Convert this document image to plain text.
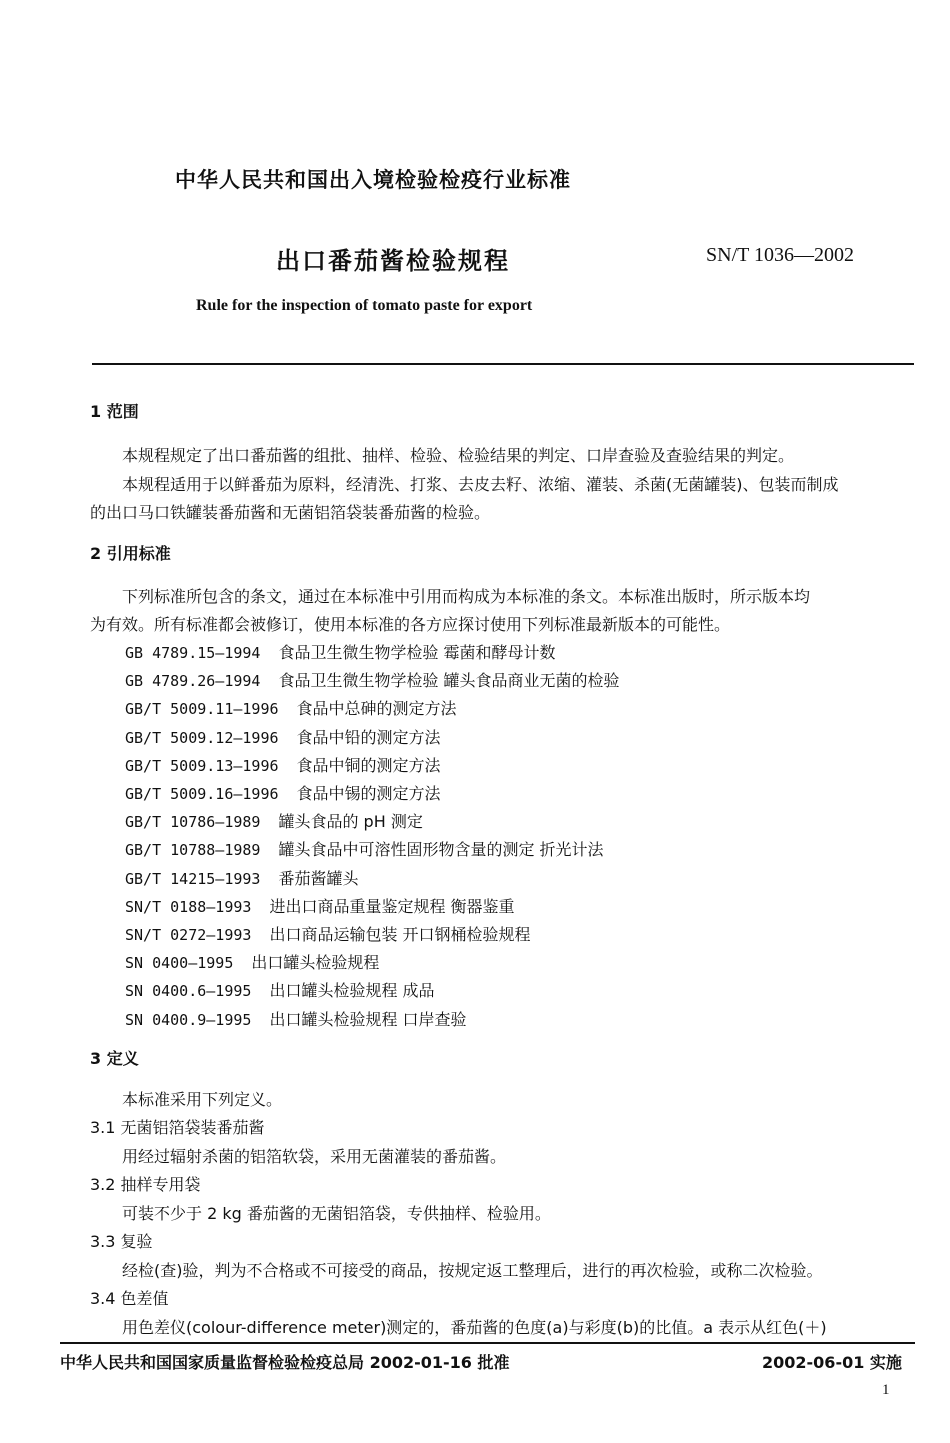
中华人民共和国出入境检验检疫行业标准
出口番茄酱检验规程	SN/T 1036—2002
Rule for the inspection of tomato paste for export
1 范围
本规程规定了出口番茄酱的组批、抽样、检验、检验结果的判定、口岸查验及查验结果的判定。
本规程适用于以鲜番茄为原料，经清洗、打浆、去皮去籽、浓缩、灌装、杀菌(无菌罐装)、包装而制成
的出口马口铁罐装番茄酱和无菌铝箔袋装番茄酱的检验。
2 引用标准
下列标准所包含的条文，通过在本标准中引用而构成为本标准的条文。本标准出版时，所示版本均
为有效。所有标准都会被修订，使用本标准的各方应探讨使用下列标准最新版本的可能性。
GB 4789.15—1994 食品卫生微生物学检验 霉菌和酵母计数
GB 4789.26—1994 食品卫生微生物学检验 罐头食品商业无菌的检验
GB/T 5009.11—1996 食品中总砷的测定方法
GB/T 5009.12—1996 食品中铅的测定方法
GB/T 5009.13—1996 食品中铜的测定方法
GB/T 5009.16—1996 食品中锡的测定方法
GB/T 10786—1989 罐头食品的 pH 测定
GB/T 10788—1989 罐头食品中可溶性固形物含量的测定 折光计法
GB/T 14215—1993 番茄酱罐头
SN/T 0188—1993 进出口商品重量鉴定规程 衡器鉴重
SN/T 0272—1993 出口商品运输包装 开口钢桶检验规程
SN 0400—1995 出口罐头检验规程
SN 0400.6—1995 出口罐头检验规程 成品
SN 0400.9—1995 出口罐头检验规程 口岸查验
3 定义
本标准采用下列定义。
3.1 无菌铝箔袋装番茄酱
用经过辐射杀菌的铝箔软袋，采用无菌灌装的番茄酱。
3.2 抽样专用袋
可装不少于 2 kg 番茄酱的无菌铝箔袋，专供抽样、检验用。
3.3 复验
经检(查)验，判为不合格或不可接受的商品，按规定返工整理后，进行的再次检验，或称二次检验。
3.4 色差值
用色差仪(colour-difference meter)测定的，番茄酱的色度(a)与彩度(b)的比值。a 表示从红色(＋)
中华人民共和国国家质量监督检验检疫总局 2002-01-16 批准	2002-06-01 实施
1
